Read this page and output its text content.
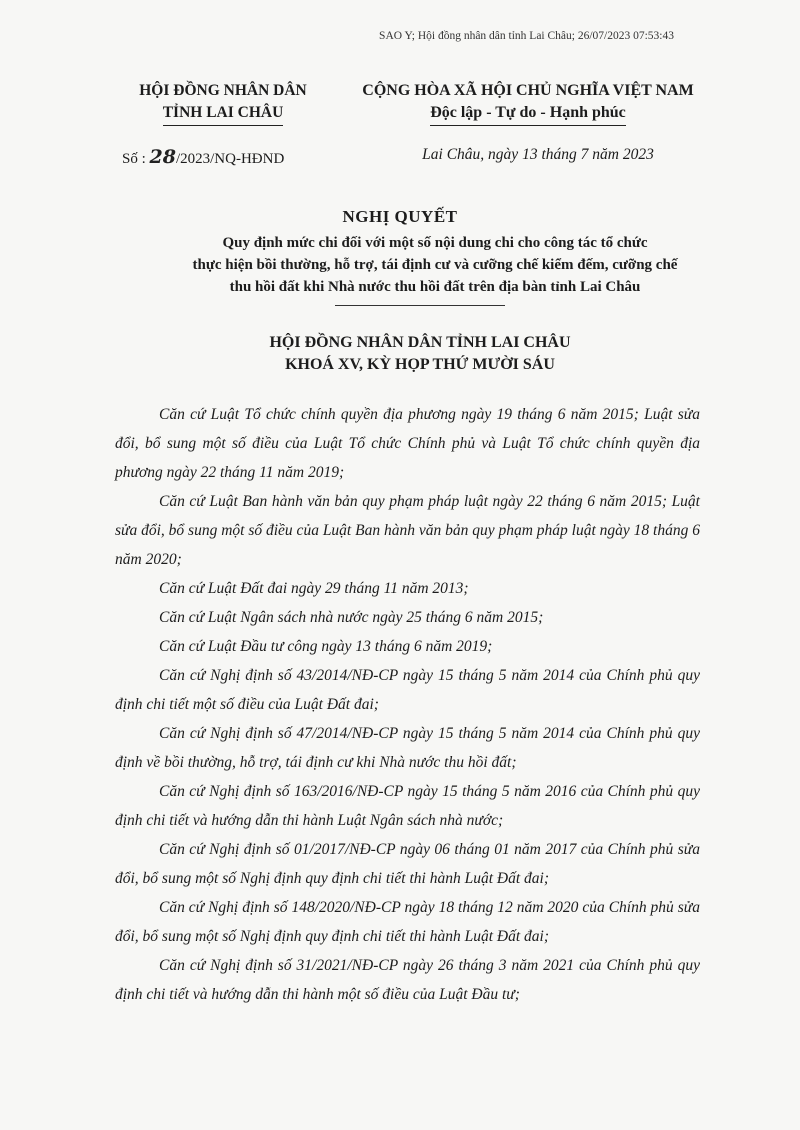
SAO Y; Hội đồng nhân dân tỉnh Lai Châu; 26/07/2023 07:53:43
HỘI ĐỒNG NHÂN DÂN
TỈNH LAI CHÂU
CỘNG HÒA XÃ HỘI CHỦ NGHĨA VIỆT NAM
Độc lập - Tự do - Hạnh phúc
Số : 28/2023/NQ-HĐND	Lai Châu, ngày 13 tháng 7 năm 2023
NGHỊ QUYẾT
Quy định mức chi đối với một số nội dung chi cho công tác tổ chức
thực hiện bồi thường, hỗ trợ, tái định cư và cưỡng chế kiểm đếm, cưỡng chế
thu hồi đất khi Nhà nước thu hồi đất trên địa bàn tỉnh Lai Châu
HỘI ĐỒNG NHÂN DÂN TỈNH LAI CHÂU
KHOÁ XV, KỲ HỌP THỨ MƯỜI SÁU

Căn cứ Luật Tổ chức chính quyền địa phương ngày 19 tháng 6 năm 2015; Luật sửa đổi, bổ sung một số điều của Luật Tổ chức Chính phủ và Luật Tổ chức chính quyền địa phương ngày 22 tháng 11 năm 2019;

Căn cứ Luật Ban hành văn bản quy phạm pháp luật ngày 22 tháng 6 năm 2015; Luật sửa đổi, bổ sung một số điều của Luật Ban hành văn bản quy phạm pháp luật ngày 18 tháng 6 năm 2020;

Căn cứ Luật Đất đai ngày 29 tháng 11 năm 2013;

Căn cứ Luật Ngân sách nhà nước ngày 25 tháng 6 năm 2015;

Căn cứ Luật Đầu tư công ngày 13 tháng 6 năm 2019;

Căn cứ Nghị định số 43/2014/NĐ-CP ngày 15 tháng 5 năm 2014 của Chính phủ quy định chi tiết một số điều của Luật Đất đai;

Căn cứ Nghị định số 47/2014/NĐ-CP ngày 15 tháng 5 năm 2014 của Chính phủ quy định về bồi thường, hỗ trợ, tái định cư khi Nhà nước thu hồi đất;

Căn cứ Nghị định số 163/2016/NĐ-CP ngày 15 tháng 5 năm 2016 của Chính phủ quy định chi tiết và hướng dẫn thi hành Luật Ngân sách nhà nước;

Căn cứ Nghị định số 01/2017/NĐ-CP ngày 06 tháng 01 năm 2017 của Chính phủ sửa đổi, bổ sung một số Nghị định quy định chi tiết thi hành Luật Đất đai;

Căn cứ Nghị định số 148/2020/NĐ-CP ngày 18 tháng 12 năm 2020 của Chính phủ sửa đổi, bổ sung một số Nghị định quy định chi tiết thi hành Luật Đất đai;

Căn cứ Nghị định số 31/2021/NĐ-CP ngày 26 tháng 3 năm 2021 của Chính phủ quy định chi tiết và hướng dẫn thi hành một số điều của Luật Đầu tư;
